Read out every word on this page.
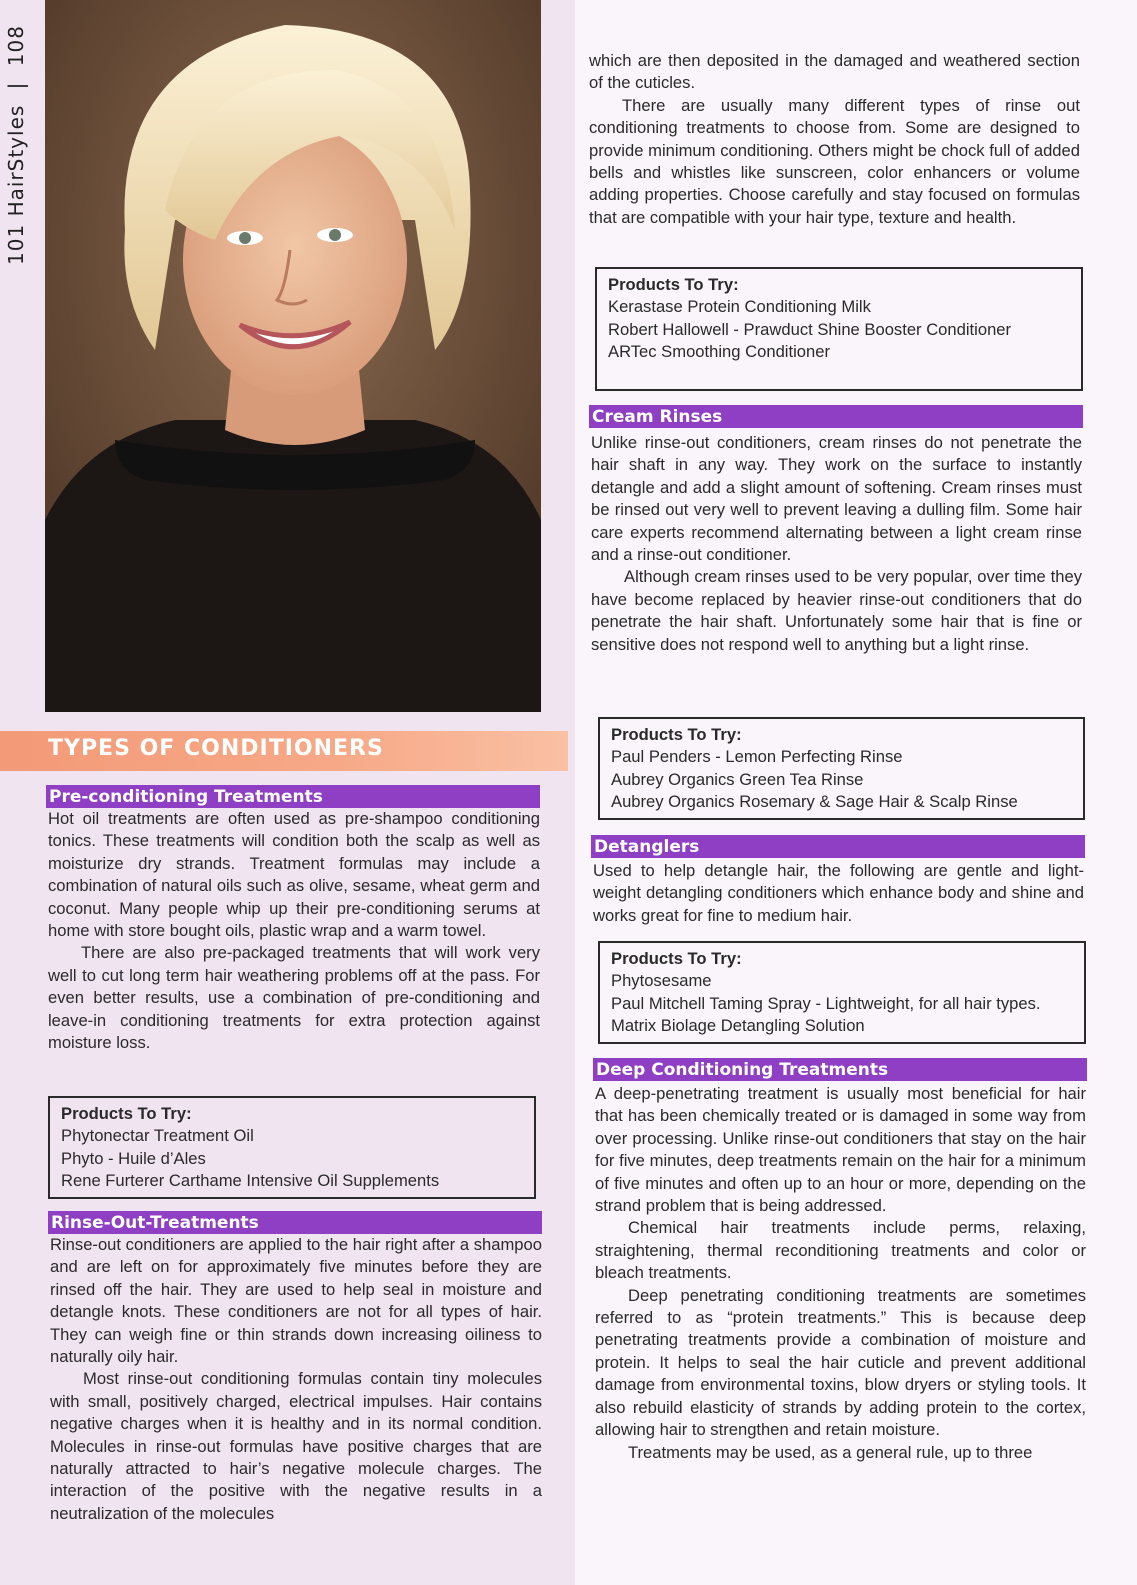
101 HairStyles | 108
TYPES OF CONDITIONERS
Pre-conditioning Treatments

Hot oil treatments are often used as pre-shampoo conditioning tonics. These treatments will condition both the scalp as well as moisturize dry strands. Treatment formulas may include a combination of natural oils such as olive, sesame, wheat germ and coconut. Many people whip up their pre-conditioning serums at home with store bought oils, plastic wrap and a warm towel.

There are also pre-packaged treatments that will work very well to cut long term hair weathering problems off at the pass. For even better results, use a combination of pre-conditioning and leave-in conditioning treatments for extra protection against moisture loss.

Products To Try:
Phytonectar Treatment Oil
Phyto - Huile d’Ales
Rene Furterer Carthame Intensive Oil Supplements
Rinse-Out-Treatments

Rinse-out conditioners are applied to the hair right after a shampoo and are left on for approximately five minutes before they are rinsed off the hair. They are used to help seal in moisture and detangle knots. These conditioners are not for all types of hair. They can weigh fine or thin strands down increasing oiliness to naturally oily hair.

Most rinse-out conditioning formulas contain tiny molecules with small, positively charged, electrical impulses. Hair contains negative charges when it is healthy and in its normal condition. Molecules in rinse-out formulas have positive charges that are naturally attracted to hair’s negative molecule charges. The interaction of the positive with the negative results in a neutralization of the molecules

which are then deposited in the damaged and weathered section of the cuticles.

There are usually many different types of rinse out conditioning treatments to choose from. Some are designed to provide minimum conditioning. Others might be chock full of added bells and whistles like sunscreen, color enhancers or volume adding properties. Choose carefully and stay focused on formulas that are compatible with your hair type, texture and health.

Products To Try:
Kerastase Protein Conditioning Milk
Robert Hallowell - Prawduct Shine Booster Conditioner
ARTec Smoothing Conditioner
Cream Rinses

Unlike rinse-out conditioners, cream rinses do not penetrate the hair shaft in any way. They work on the surface to instantly detangle and add a slight amount of softening. Cream rinses must be rinsed out very well to prevent leaving a dulling film. Some hair care experts recommend alternating between a light cream rinse and a rinse-out conditioner.

Although cream rinses used to be very popular, over time they have become replaced by heavier rinse-out conditioners that do penetrate the hair shaft. Unfortunately some hair that is fine or sensitive does not respond well to anything but a light rinse.

Products To Try:
Paul Penders - Lemon Perfecting Rinse
Aubrey Organics Green Tea Rinse
Aubrey Organics Rosemary & Sage Hair & Scalp Rinse
Detanglers

Used to help detangle hair, the following are gentle and light-weight detangling conditioners which enhance body and shine and works great for fine to medium hair.

Products To Try:
Phytosesame
Paul Mitchell Taming Spray - Lightweight, for all hair types.
Matrix Biolage Detangling Solution
Deep Conditioning Treatments

A deep-penetrating treatment is usually most beneficial for hair that has been chemically treated or is damaged in some way from over processing. Unlike rinse-out conditioners that stay on the hair for five minutes, deep treatments remain on the hair for a minimum of five minutes and often up to an hour or more, depending on the strand problem that is being addressed.

Chemical hair treatments include perms, relaxing, straightening, thermal reconditioning treatments and color or bleach treatments.

Deep penetrating conditioning treatments are sometimes referred to as “protein treatments.” This is because deep penetrating treatments provide a combination of moisture and protein. It helps to seal the hair cuticle and prevent additional damage from environmental toxins, blow dryers or styling tools. It also rebuild elasticity of strands by adding protein to the cortex, allowing hair to strengthen and retain moisture.

Treatments may be used, as a general rule, up to three
